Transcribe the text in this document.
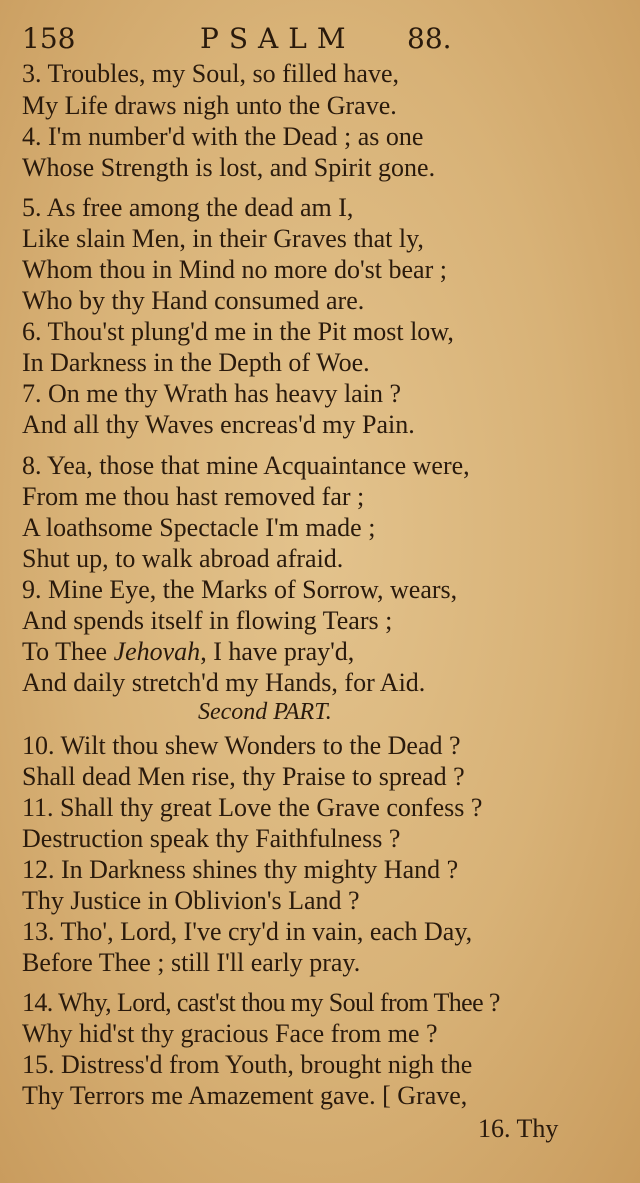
158	PSALM 88.
3. Troubles, my Soul, so filled have,
My Life draws nigh unto the Grave.
4. I'm number'd with the Dead ; as one
Whose Strength is lost, and Spirit gone.
5. As free among the dead am I,
Like slain Men, in their Graves that ly,
Whom thou in Mind no more do'st bear ;
Who by thy Hand consumed are.
6. Thou'st plung'd me in the Pit most low,
In Darkness in the Depth of Woe.
7. On me thy Wrath has heavy lain ?
And all thy Waves encreas'd my Pain.
8. Yea, those that mine Acquaintance were,
From me thou hast removed far ;
A loathsome Spectacle I'm made ;
Shut up, to walk abroad afraid.
9. Mine Eye, the Marks of Sorrow, wears,
And spends itself in flowing Tears ;
To Thee Jehovah, I have pray'd,
And daily stretch'd my Hands, for Aid.
Second PART.
10. Wilt thou shew Wonders to the Dead ?
Shall dead Men rise, thy Praise to spread ?
11. Shall thy great Love the Grave confess ?
Destruction speak thy Faithfulness ?
12. In Darkness shines thy mighty Hand ?
Thy Justice in Oblivion's Land ?
13. Tho', Lord, I've cry'd in vain, each Day,
Before Thee ; still I'll early pray.
14. Why, Lord, cast'st thou my Soul from Thee ?
Why hid'st thy gracious Face from me ?
15. Distress'd from Youth, brought nigh the
Thy Terrors me Amazement gave. [ Grave,
16. Thy
